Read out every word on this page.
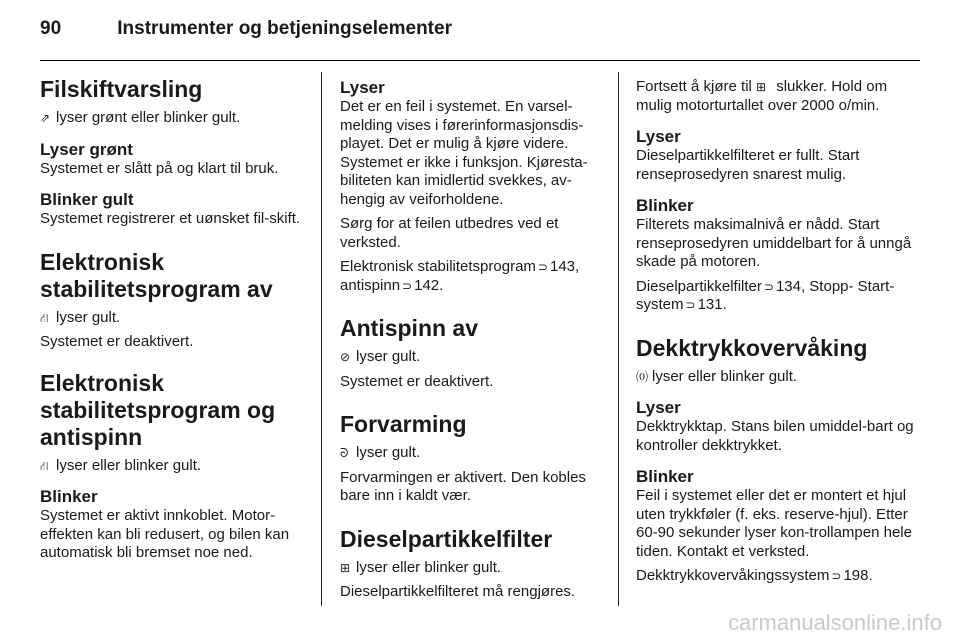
90	Instrumenter og betjeningselementer
Filskiftvarsling

⇗ lyser grønt eller blinker gult.

Lyser grønt

Systemet er slått på og klart til bruk.

Blinker gult

Systemet registrerer et uønsket fil-skift.

Elektronisk stabilitetsprogram av

⛙ lyser gult.

Systemet er deaktivert.

Elektronisk stabilitetsprogram og antispinn

⛙ lyser eller blinker gult.

Blinker

Systemet er aktivt innkoblet. Motor-effekten kan bli redusert, og bilen kan automatisk bli bremset noe ned.

Lyser

Det er en feil i systemet. En varsel-melding vises i førerinformasjonsdis-playet. Det er mulig å kjøre videre. Systemet er ikke i funksjon. Kjøresta-biliteten kan imidlertid svekkes, av-hengig av veiforholdene.

Sørg for at feilen utbedres ved et verksted.

Elektronisk stabilitetsprogram ⊃ 143, antispinn ⊃ 142.

Antispinn av

⊘ lyser gult.

Systemet er deaktivert.

Forvarming

ᘐ lyser gult.

Forvarmingen er aktivert. Den kobles bare inn i kaldt vær.

Dieselpartikkelfilter

⊞ lyser eller blinker gult.

Dieselpartikkelfilteret må rengjøres.

Fortsett å kjøre til ⊞ slukker. Hold om mulig motorturtallet over 2000 o/min.

Lyser

Dieselpartikkelfilteret er fullt. Start renseprosedyren snarest mulig.

Blinker

Filterets maksimalnivå er nådd. Start renseprosedyren umiddelbart for å unngå skade på motoren.

Dieselpartikkelfilter ⊃ 134, Stopp- Start-system ⊃ 131.

Dekktrykkovervåking

⒪ lyser eller blinker gult.

Lyser

Dekktrykktap. Stans bilen umiddel-bart og kontroller dekktrykket.

Blinker

Feil i systemet eller det er montert et hjul uten trykkføler (f. eks. reserve-hjul). Etter 60-90 sekunder lyser kon-trollampen hele tiden. Kontakt et verksted.

Dekktrykkovervåkingssystem ⊃ 198.

carmanualsonline.info
